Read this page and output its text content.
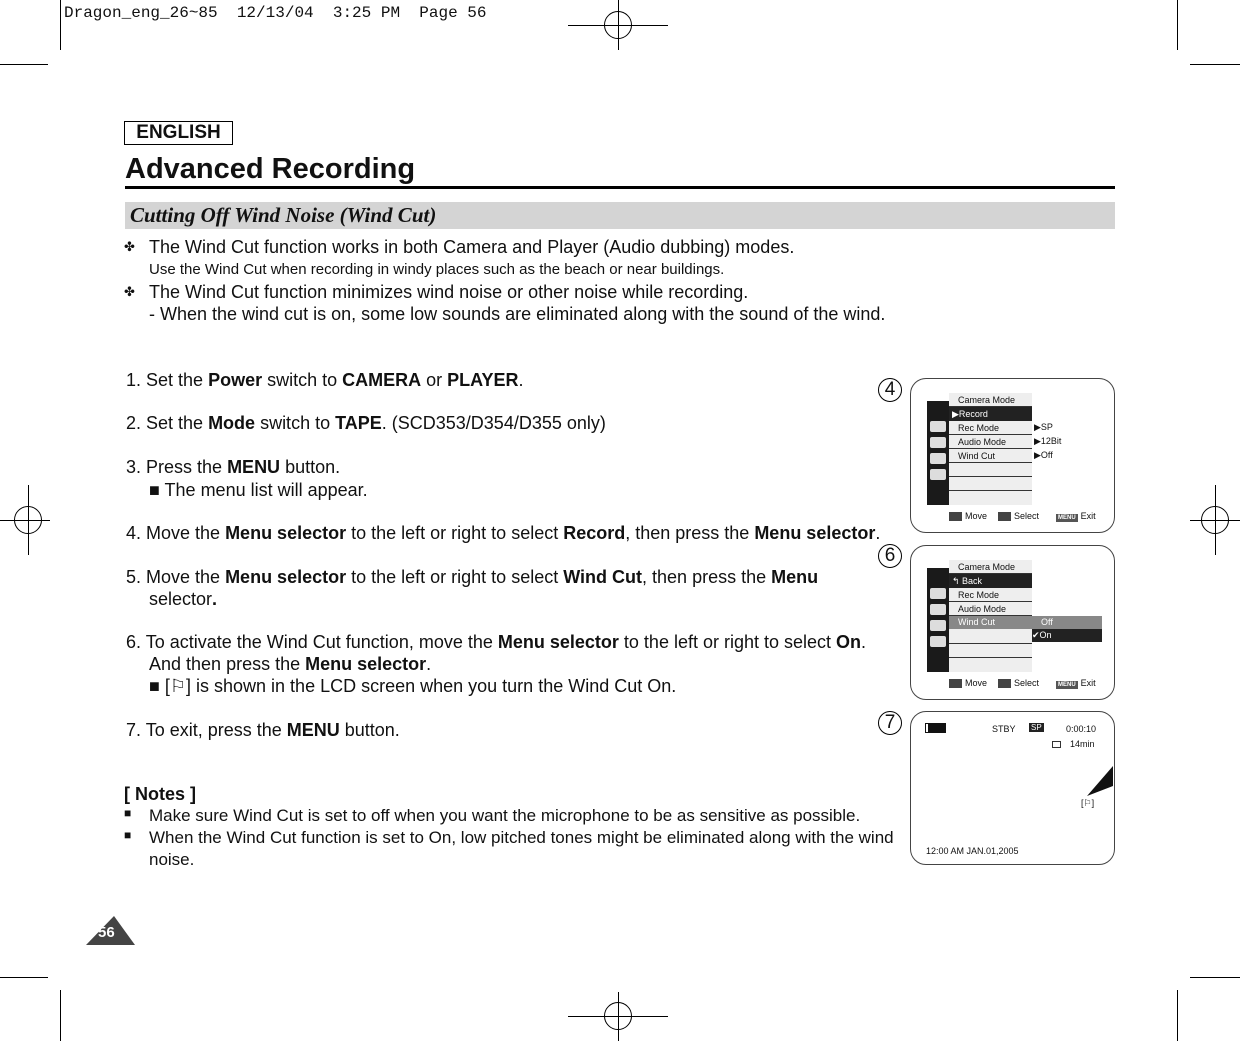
Dragon_eng_26~85  12/13/04  3:25 PM  Page 56
ENGLISH
Advanced Recording
Cutting Off Wind Noise (Wind Cut)
✤ The Wind Cut function works in both Camera and Player (Audio dubbing) modes.
Use the Wind Cut when recording in windy places such as the beach or near buildings.
✤ The Wind Cut function minimizes wind noise or other noise while recording.
- When the wind cut is on, some low sounds are eliminated along with the sound of the wind.
1. Set the Power switch to CAMERA or PLAYER.
2. Set the Mode switch to TAPE. (SCD353/D354/D355 only)
3. Press the MENU button.
■ The menu list will appear.
4. Move the Menu selector to the left or right to select Record, then press the Menu selector.
5. Move the Menu selector to the left or right to select Wind Cut, then press the Menu
selector.
6. To activate the Wind Cut function, move the Menu selector to the left or right to select On.
And then press the Menu selector.
■ [⚐] is shown in the LCD screen when you turn the Wind Cut On.
7. To exit, press the MENU button.
[ Notes ]
■ Make sure Wind Cut is set to off when you want the microphone to be as sensitive as possible.
■ When the Wind Cut function is set to On, low pitched tones might be eliminated along with the wind
noise.
56
4	Camera Mode
▶Record
Rec Mode
Audio Mode
Wind Cut
▶SP
▶12Bit
▶Off
Move	Select	MENU Exit
6
Camera Mode
↰ Back
Rec Mode
Audio Mode
Wind Cut	Off
✔On
Move	Select	MENU Exit
7	STBY SP	0:00:10
14min
[⚐]
12:00 AM JAN.01,2005
